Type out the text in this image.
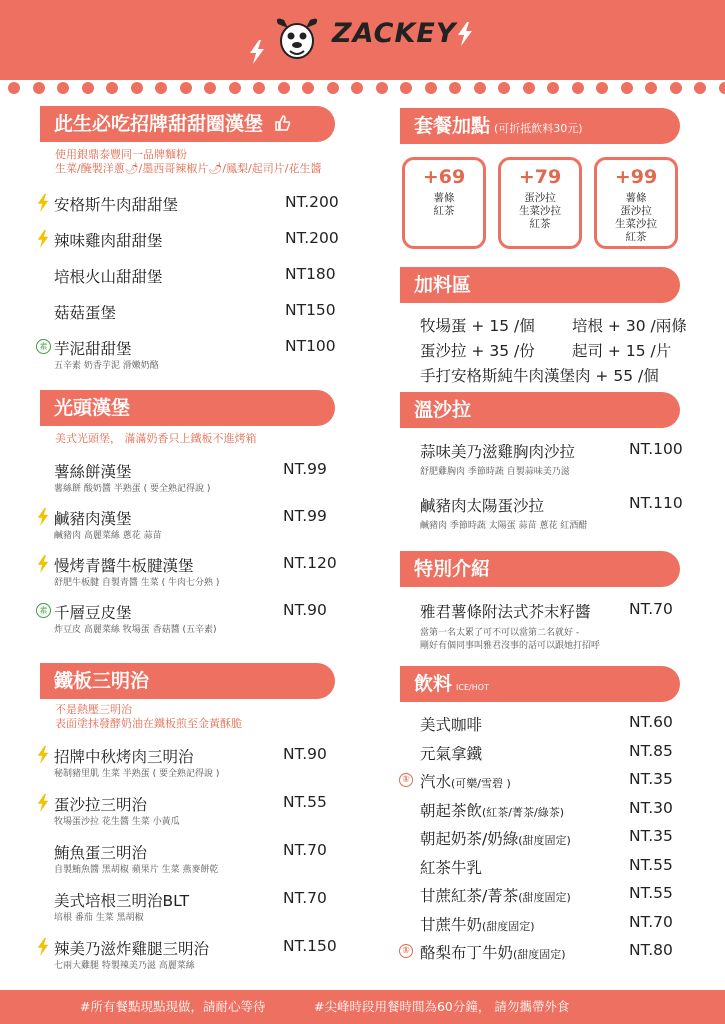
ZACKEY
此生必吃招牌甜甜圈漢堡
使用銀鼎泰豐同一品牌麵粉
生菜/醃製洋蔥🌶/墨西哥辣椒片🌶/鳳梨/起司片/花生醬
安格斯牛肉甜甜堡	NT.200
辣味雞肉甜甜堡	NT.200
培根火山甜甜堡	NT180
菇菇蛋堡	NT150
素 芋泥甜甜堡	NT100
五辛素 奶香芋泥 滑嫩奶酪
光頭漢堡
美式光頭堡， 滿滿奶香只上鐵板不進烤箱
薯絲餅漢堡	NT.99
薯絲餅 酸奶醬 半熟蛋 ( 要全熟記得說 )
鹹豬肉漢堡	NT.99
鹹豬肉 高麗菜絲 蔥花 蒜苗
慢烤青醬牛板腱漢堡	NT.120
舒肥牛板腱 自製青醬 生菜 ( 牛肉七分熟 )
素 千層豆皮堡	NT.90
炸豆皮 高麗菜絲 牧場蛋 香菇醬 (五辛素)
鐵板三明治
不是熱壓三明治
表面塗抹發酵奶油在鐵板煎至金黃酥脆
招牌中秋烤肉三明治	NT.90
秘制豬里肌 生菜 半熟蛋 ( 要全熟記得說 )
蛋沙拉三明治	NT.55
牧場蛋沙拉 花生醬 生菜 小黃瓜
鮪魚蛋三明治	NT.70
自製鮪魚醬 黑胡椒 蘋果片 生菜 燕麥餅乾
美式培根三明治BLT	NT.70
培根 番茄 生菜 黑胡椒
辣美乃滋炸雞腿三明治	NT.150
七兩大雞腿 特製辣美乃滋 高麗菜絲
套餐加點 (可折抵飲料30元)
+69
薯條
紅茶
+79
蛋沙拉
生菜沙拉
紅茶
+99
薯條
蛋沙拉
生菜沙拉
紅茶
加料區
牧場蛋 + 15 /個 培根 + 30 /兩條
蛋沙拉 + 35 /份 起司 + 15 /片
手打安格斯純牛肉漢堡肉 + 55 /個
溫沙拉
蒜味美乃滋雞胸肉沙拉	NT.100
舒肥雞胸肉 季節時蔬 自製蒜味美乃滋
鹹豬肉太陽蛋沙拉	NT.110
鹹豬肉 季節時蔬 太陽蛋 蒜苗 蔥花 紅酒醋
特別介紹
雅君薯條附法式芥末籽醬 NT.70
當第一名太累了可不可以當第二名就好 -
剛好有個同事叫雅君沒事的話可以跟她打招呼
飲料 ICE/HOT
美式咖啡	NT.60
元氣拿鐵	NT.85
① 汽水(可樂/雪碧 )	NT.35
朝起茶飲(紅茶/菁茶/綠茶)	NT.30
朝起奶茶/奶綠(甜度固定)	NT.35
紅茶牛乳	NT.55
甘蔗紅茶/菁茶(甜度固定)	NT.55
甘蔗牛奶(甜度固定)	NT.70
① 酪梨布丁牛奶(甜度固定)	NT.80
#所有餐點現點現做，請耐心等待	#尖峰時段用餐時間為60分鐘， 請勿攜帶外食
